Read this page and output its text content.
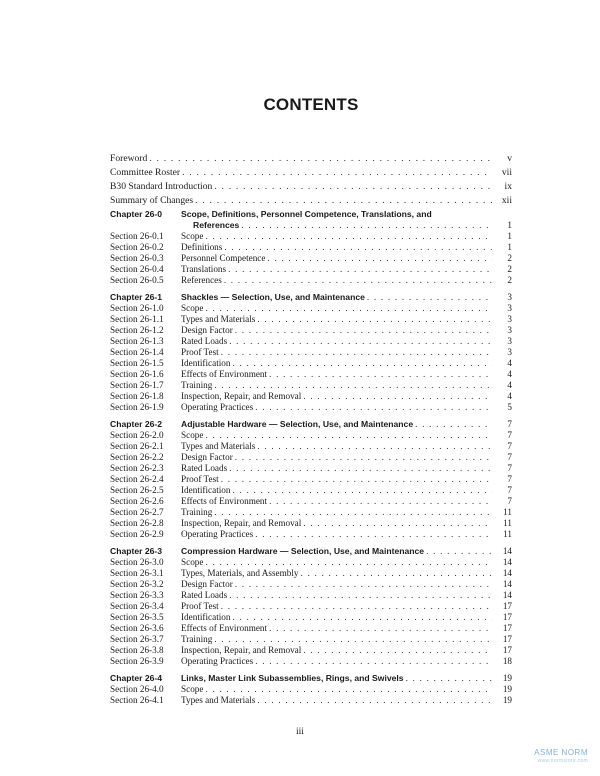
CONTENTS
Foreword . . .	v
Committee Roster . . .	vii
B30 Standard Introduction . . .	ix
Summary of Changes . . .	xii
Chapter 26-0	Scope, Definitions, Personnel Competence, Translations, and
References . . .	1
Section 26-0.1	Scope . . .	1
Section 26-0.2	Definitions . . .	1
Section 26-0.3	Personnel Competence . . .	2
Section 26-0.4	Translations . . .	2
Section 26-0.5	References . . .	2
Chapter 26-1	Shackles — Selection, Use, and Maintenance . . .	3
Section 26-1.0	Scope . . .	3
Section 26-1.1	Types and Materials . . .	3
Section 26-1.2	Design Factor . . .	3
Section 26-1.3	Rated Loads . . .	3
Section 26-1.4	Proof Test . . .	3
Section 26-1.5	Identification . . .	4
Section 26-1.6	Effects of Environment . . .	4
Section 26-1.7	Training . . .	4
Section 26-1.8	Inspection, Repair, and Removal . . .	4
Section 26-1.9	Operating Practices . . .	5
Chapter 26-2	Adjustable Hardware — Selection, Use, and Maintenance . . .	7
Section 26-2.0	Scope . . .	7
Section 26-2.1	Types and Materials . . .	7
Section 26-2.2	Design Factor . . .	7
Section 26-2.3	Rated Loads . . .	7
Section 26-2.4	Proof Test . . .	7
Section 26-2.5	Identification . . .	7
Section 26-2.6	Effects of Environment . . .	7
Section 26-2.7	Training . . .	11
Section 26-2.8	Inspection, Repair, and Removal . . .	11
Section 26-2.9	Operating Practices . . .	11
Chapter 26-3	Compression Hardware — Selection, Use, and Maintenance . . .	14
Section 26-3.0	Scope . . .	14
Section 26-3.1	Types, Materials, and Assembly . . .	14
Section 26-3.2	Design Factor . . .	14
Section 26-3.3	Rated Loads . . .	14
Section 26-3.4	Proof Test . . .	17
Section 26-3.5	Identification . . .	17
Section 26-3.6	Effects of Environment . . .	17
Section 26-3.7	Training . . .	17
Section 26-3.8	Inspection, Repair, and Removal . . .	17
Section 26-3.9	Operating Practices . . .	18
Chapter 26-4	Links, Master Link Subassemblies, Rings, and Swivels . . .	19
Section 26-4.0	Scope . . .	19
Section 26-4.1	Types and Materials . . .	19
iii
ASME NORM
www.normstore.com
